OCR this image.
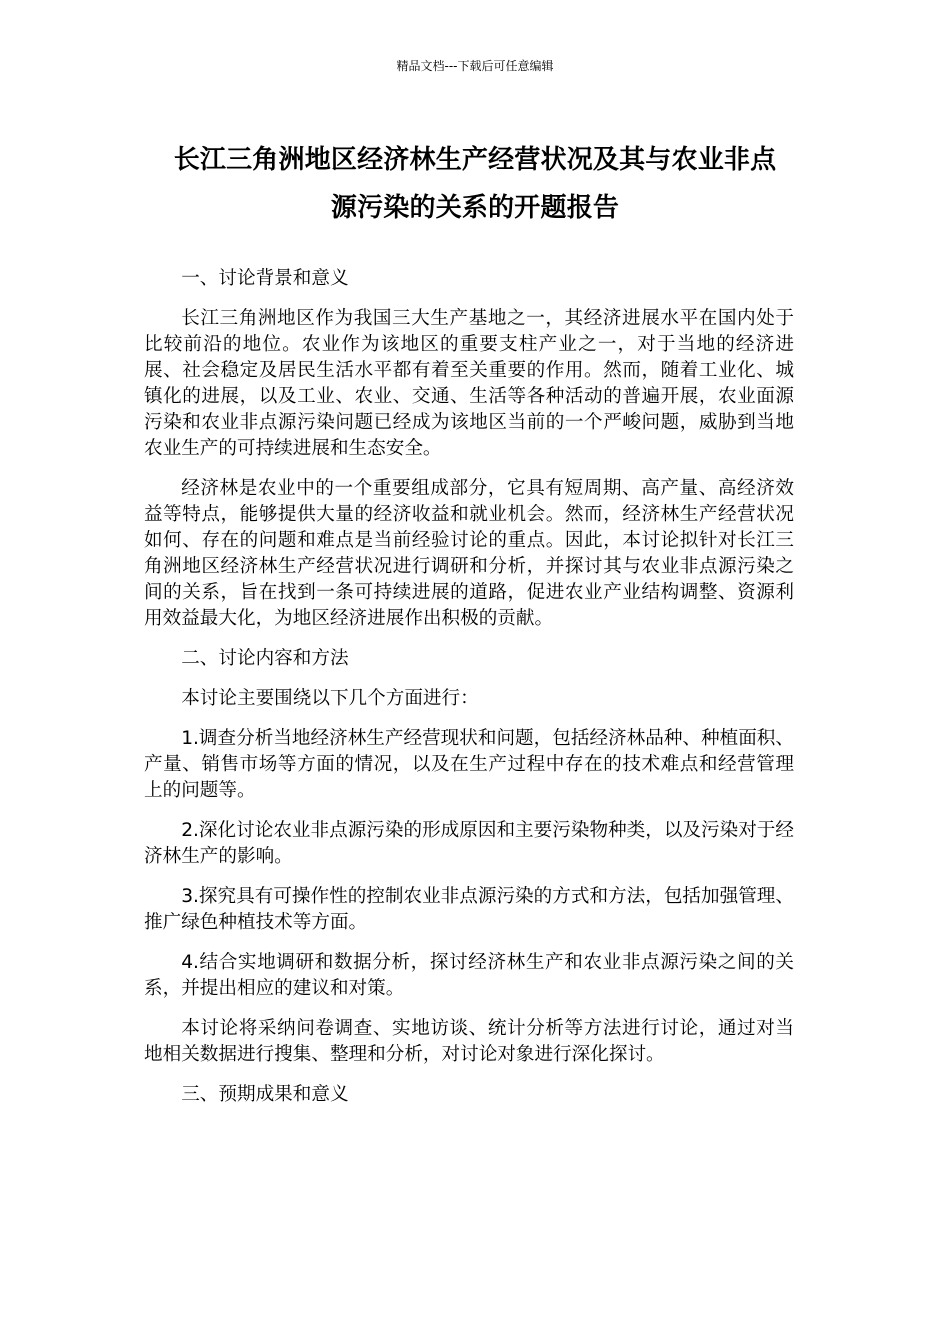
精品文档---下载后可任意编辑
长江三角洲地区经济林生产经营状况及其与农业非点
源污染的关系的开题报告

一、讨论背景和意义

长江三角洲地区作为我国三大生产基地之一，其经济进展水平在国内处于比较前沿的地位。农业作为该地区的重要支柱产业之一，对于当地的经济进展、社会稳定及居民生活水平都有着至关重要的作用。然而，随着工业化、城镇化的进展，以及工业、农业、交通、生活等各种活动的普遍开展，农业面源污染和农业非点源污染问题已经成为该地区当前的一个严峻问题，威胁到当地农业生产的可持续进展和生态安全。

经济林是农业中的一个重要组成部分，它具有短周期、高产量、高经济效益等特点，能够提供大量的经济收益和就业机会。然而，经济林生产经营状况如何、存在的问题和难点是当前经验讨论的重点。因此，本讨论拟针对长江三角洲地区经济林生产经营状况进行调研和分析，并探讨其与农业非点源污染之间的关系，旨在找到一条可持续进展的道路，促进农业产业结构调整、资源利用效益最大化，为地区经济进展作出积极的贡献。

二、讨论内容和方法

本讨论主要围绕以下几个方面进行：

1.调查分析当地经济林生产经营现状和问题，包括经济林品种、种植面积、产量、销售市场等方面的情况，以及在生产过程中存在的技术难点和经营管理上的问题等。

2.深化讨论农业非点源污染的形成原因和主要污染物种类，以及污染对于经济林生产的影响。

3.探究具有可操作性的控制农业非点源污染的方式和方法，包括加强管理、推广绿色种植技术等方面。

4.结合实地调研和数据分析，探讨经济林生产和农业非点源污染之间的关系，并提出相应的建议和对策。

本讨论将采纳问卷调查、实地访谈、统计分析等方法进行讨论，通过对当地相关数据进行搜集、整理和分析，对讨论对象进行深化探讨。

三、预期成果和意义
